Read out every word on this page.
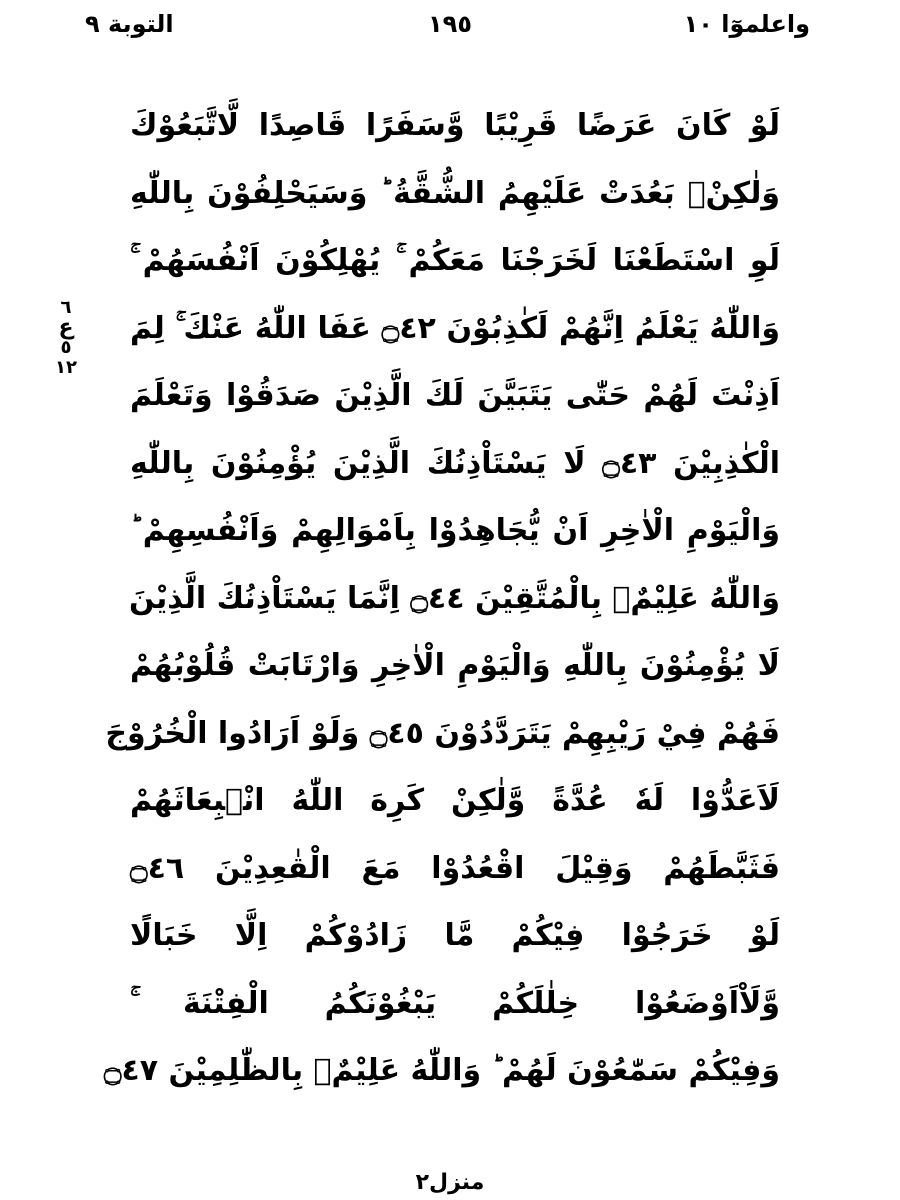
واعلموٓا ١٠
١٩٥
التوبة ٩
٦
ع
٥
١٢
لَوْ كَانَ عَرَضًا قَرِيْبًا وَّسَفَرًا قَاصِدًا لَّاتَّبَعُوْكَ
وَلٰكِنْۢ بَعُدَتْ عَلَيْهِمُ الشُّقَّةُ ؕ وَسَيَحْلِفُوْنَ بِاللّٰهِ
لَوِ اسْتَطَعْنَا لَخَرَجْنَا مَعَكُمْ ۚ يُهْلِكُوْنَ اَنْفُسَهُمْ ۚ
وَاللّٰهُ يَعْلَمُ اِنَّهُمْ لَكٰذِبُوْنَ ۝٤٢ عَفَا اللّٰهُ عَنْكَ ۚ لِمَ
اَذِنْتَ لَهُمْ حَتّٰى يَتَبَيَّنَ لَكَ الَّذِيْنَ صَدَقُوْا وَتَعْلَمَ
الْكٰذِبِيْنَ ۝٤٣ لَا يَسْتَاْذِنُكَ الَّذِيْنَ يُؤْمِنُوْنَ بِاللّٰهِ
وَالْيَوْمِ الْاٰخِرِ اَنْ يُّجَاهِدُوْا بِاَمْوَالِهِمْ وَاَنْفُسِهِمْ ؕ
وَاللّٰهُ عَلِيْمٌۢ بِالْمُتَّقِيْنَ ۝٤٤ اِنَّمَا يَسْتَاْذِنُكَ الَّذِيْنَ
لَا يُؤْمِنُوْنَ بِاللّٰهِ وَالْيَوْمِ الْاٰخِرِ وَارْتَابَتْ قُلُوْبُهُمْ
فَهُمْ فِيْ رَيْبِهِمْ يَتَرَدَّدُوْنَ ۝٤٥ وَلَوْ اَرَادُوا الْخُرُوْجَ
لَاَعَدُّوْا لَهٗ عُدَّةً وَّلٰكِنْ كَرِهَ اللّٰهُ انْۢبِعَاثَهُمْ
فَثَبَّطَهُمْ وَقِيْلَ اقْعُدُوْا مَعَ الْقٰعِدِيْنَ ۝٤٦
لَوْ خَرَجُوْا فِيْكُمْ مَّا زَادُوْكُمْ اِلَّا خَبَالًا
وَّلَاْاَوْضَعُوْا خِلٰلَكُمْ يَبْغُوْنَكُمُ الْفِتْنَةَ ۚ
وَفِيْكُمْ سَمّٰعُوْنَ لَهُمْ ؕ وَاللّٰهُ عَلِيْمٌۢ بِالظّٰلِمِيْنَ ۝٤٧
منزل٢
